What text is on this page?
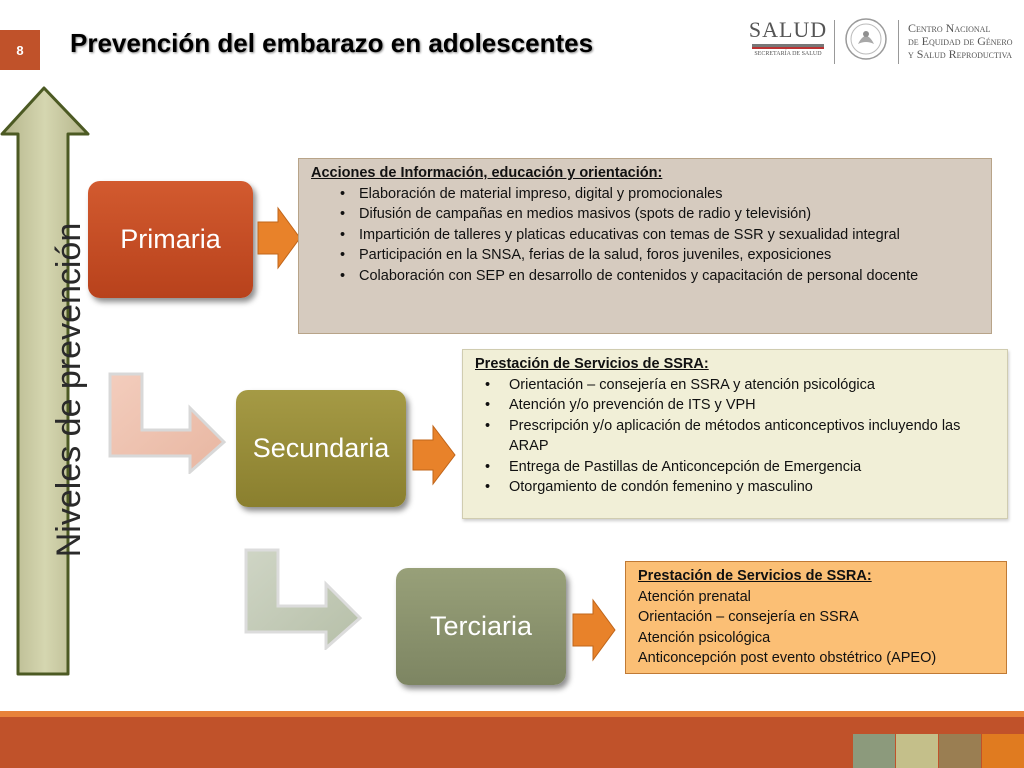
8	Prevención del embarazo en adolescentes	SALUD
SECRETARÍA DE SALUD
Centro Nacional
de Equidad de Género
y Salud Reproductiva
Niveles de prevención Primaria
Secundaria
Terciaria
Acciones de Información, educación y orientación:
• Elaboración de material impreso, digital y promocionales
• Difusión de campañas en medios masivos (spots de radio y televisión)
• Impartición de talleres y platicas educativas con temas de SSR y sexualidad integral
• Participación en la SNSA, ferias de la salud, foros juveniles, exposiciones
• Colaboración con SEP en desarrollo de contenidos y capacitación de personal docente
Prestación de Servicios de SSRA:
• Orientación – consejería en SSRA y atención psicológica
• Atención y/o prevención de ITS y VPH
• Prescripción y/o aplicación de métodos anticonceptivos incluyendo las ARAP
• Entrega de Pastillas de Anticoncepción de Emergencia
• Otorgamiento de condón femenino y masculino
Prestación de Servicios de SSRA:
Atención prenatal
Orientación – consejería en SSRA
Atención psicológica
Anticoncepción post evento obstétrico (APEO)
